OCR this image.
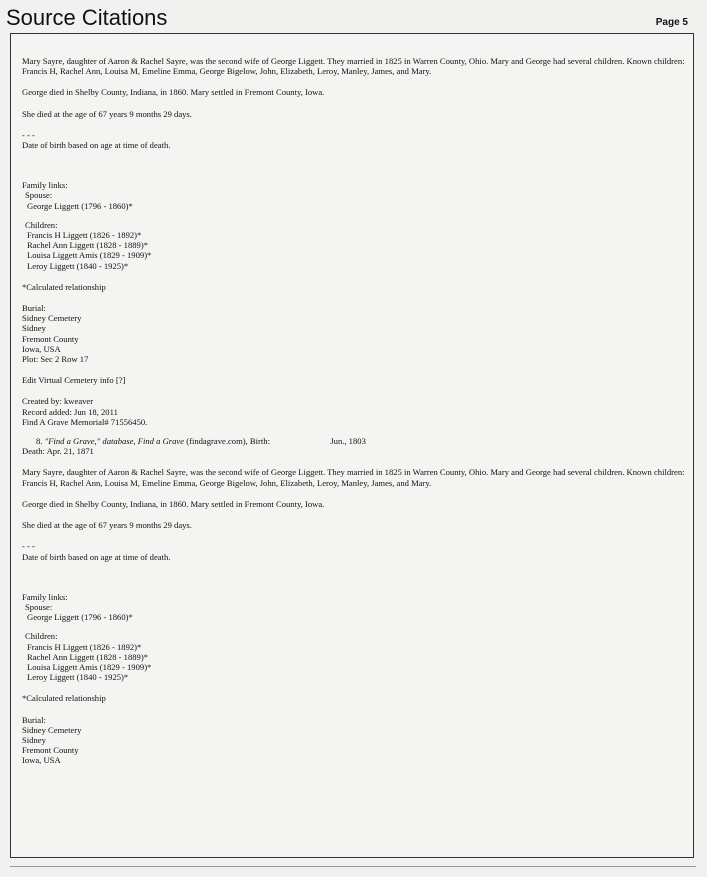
Source Citations	Page 5

Mary Sayre, daughter of Aaron & Rachel Sayre, was the second wife of George Liggett. They married in 1825 in Warren County, Ohio. Mary and George had several children. Known children: Francis H, Rachel Ann, Louisa M, Emeline Emma, George Bigelow, John, Elizabeth, Leroy, Manley, James, and Mary.

George died in Shelby County, Indiana, in 1860. Mary settled in Fremont County, Iowa.

She died at the age of 67 years 9 months 29 days.

- - -

Date of birth based on age at time of death.

Family links:

Spouse:

George Liggett (1796 - 1860)*

Children:

Francis H Liggett (1826 - 1892)*

Rachel Ann Liggett (1828 - 1889)*

Louisa Liggett Amis (1829 - 1909)*

Leroy Liggett (1840 - 1925)*

*Calculated relationship

Burial:

Sidney Cemetery

Sidney

Fremont County

Iowa, USA

Plot: Sec 2 Row 17

Edit Virtual Cemetery info [?]

Created by: kweaver

Record added: Jun 18, 2011

Find A Grave Memorial# 71556450.

8. "Find a Grave," database, Find a Grave (findagrave.com), Birth:	Jun., 1803

Death: Apr. 21, 1871

Mary Sayre, daughter of Aaron & Rachel Sayre, was the second wife of George Liggett. They married in 1825 in Warren County, Ohio. Mary and George had several children. Known children: Francis H, Rachel Ann, Louisa M, Emeline Emma, George Bigelow, John, Elizabeth, Leroy, Manley, James, and Mary.

George died in Shelby County, Indiana, in 1860. Mary settled in Fremont County, Iowa.

She died at the age of 67 years 9 months 29 days.

- - -

Date of birth based on age at time of death.

Family links:

Spouse:

George Liggett (1796 - 1860)*

Children:

Francis H Liggett (1826 - 1892)*

Rachel Ann Liggett (1828 - 1889)*

Louisa Liggett Amis (1829 - 1909)*

Leroy Liggett (1840 - 1925)*

*Calculated relationship

Burial:

Sidney Cemetery

Sidney

Fremont County

Iowa, USA
